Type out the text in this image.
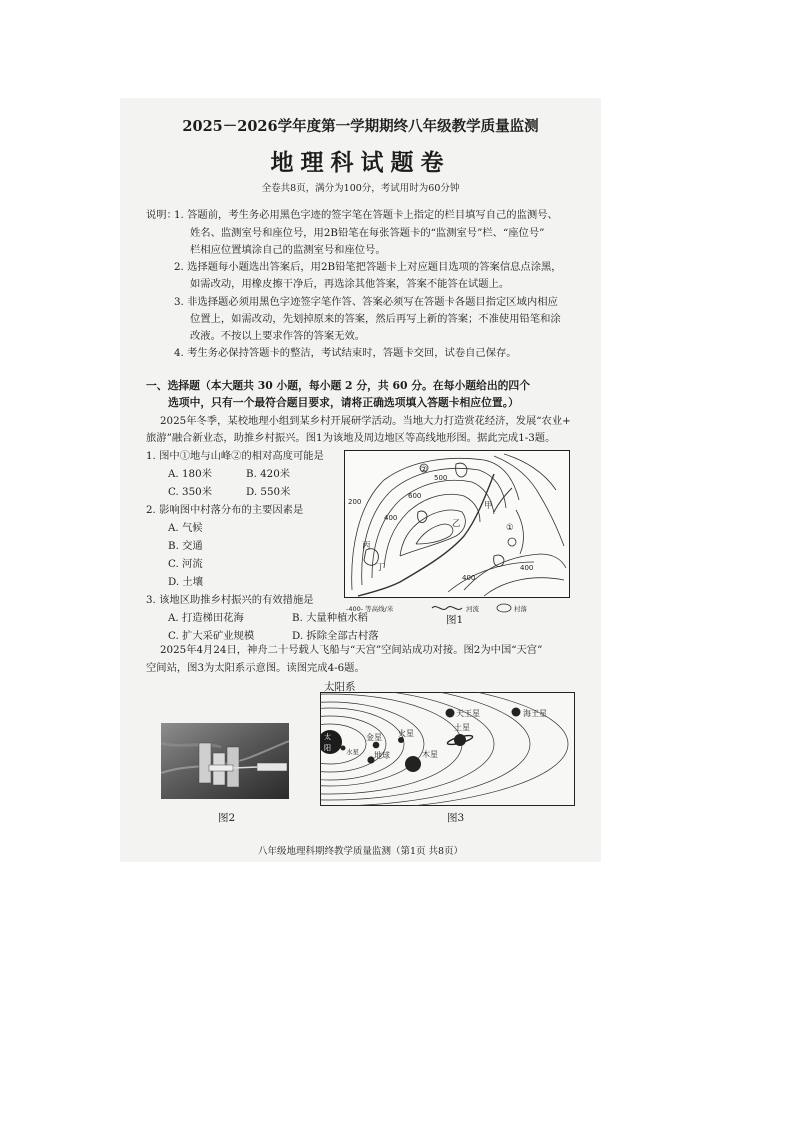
2025－2026学年度第一学期期终八年级教学质量监测
地理科试题卷
全卷共8页，满分为100分，考试用时为60分钟
说明：
1. 答题前，考生务必用黑色字迹的签字笔在答题卡上指定的栏目填写自己的监测号、
姓名、监测室号和座位号，用2B铅笔在每张答题卡的“监测室号”栏、“座位号”
栏相应位置填涂自己的监测室号和座位号。
2. 选择题每小题选出答案后，用2B铅笔把答题卡上对应题目选项的答案信息点涂黑，
如需改动，用橡皮擦干净后，再选涂其他答案，答案不能答在试题上。
3. 非选择题必须用黑色字迹签字笔作答、答案必须写在答题卡各题目指定区域内相应
位置上，如需改动，先划掉原来的答案，然后再写上新的答案；不准使用铅笔和涂
改液。不按以上要求作答的答案无效。
4. 考生务必保持答题卡的整洁，考试结束时，答题卡交回，试卷自己保存。
一、选择题（本大题共 30 小题，每小题 2 分，共 60 分。在每小题给出的四个
选项中，只有一个最符合题目要求，请将正确选项填入答题卡相应位置。）
2025年冬季，某校地理小组到某乡村开展研学活动。当地大力打造赏花经济，发展“农业+
旅游”融合新业态，助推乡村振兴。图1为该地及周边地区等高线地形图。据此完成1-3题。
1. 图中①地与山峰②的相对高度可能是
A. 180米	B. 420米
C. 350米	D. 550米
2. 影响图中村落分布的主要因素是
A. 气候
B. 交通
C. 河流
D. 土壤
3. 该地区助推乡村振兴的有效措施是
A. 打造梯田花海	B. 大量种植水稻
C. 扩大采矿业规模	D. 拆除全部古村落
200
400
500
600
400
400
甲
乙
丙
丁
①
②
-400- 等高线/米	河流	村落
图1
2025年4月24日，神舟二十号载人飞船与“天宫”空间站成功对接。图2为中国“天宫”
空间站，图3为太阳系示意图。读图完成4-6题。
图2
太阳系
太
阳 水星
金星
地球
火星
木星
土星
天王星	海王星
图3
八年级地理科期终教学质量监测（第1页 共8页）
